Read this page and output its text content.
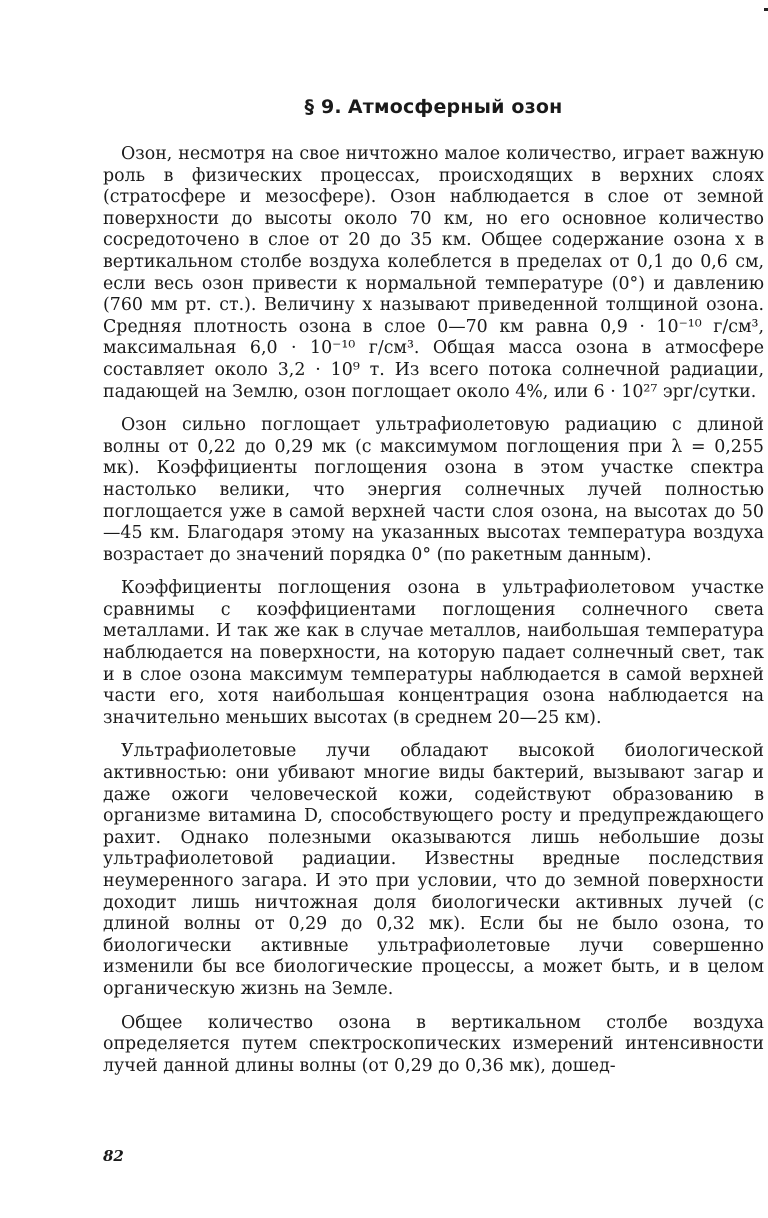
§ 9. Атмосферный озон

Озон, несмотря на свое ничтожно малое количество, играет важную роль в физических процессах, происходящих в верхних слоях (стратосфере и мезосфере). Озон наблюдается в слое от земной поверхности до высоты около 70 км, но его основное количество сосредоточено в слое от 20 до 35 км. Общее содержание озона x в вертикальном столбе воздуха колеблется в пределах от 0,1 до 0,6 см, если весь озон привести к нормальной температуре (0°) и давлению (760 мм рт. ст.). Величину x называют приведенной толщиной озона. Средняя плотность озона в слое 0—70 км равна 0,9 · 10⁻¹⁰ г/см³, максимальная 6,0 · 10⁻¹⁰ г/см³. Общая масса озона в атмосфере составляет около 3,2 · 10⁹ т. Из всего потока солнечной радиации, падающей на Землю, озон поглощает около 4%, или 6 · 10²⁷ эрг/сутки.

Озон сильно поглощает ультрафиолетовую радиацию с длиной волны от 0,22 до 0,29 мк (с максимумом поглощения при λ = 0,255 мк). Коэффициенты поглощения озона в этом участке спектра настолько велики, что энергия солнечных лучей полностью поглощается уже в самой верхней части слоя озона, на высотах до 50—45 км. Благодаря этому на указанных высотах температура воздуха возрастает до значений порядка 0° (по ракетным данным).

Коэффициенты поглощения озона в ультрафиолетовом участке сравнимы с коэффициентами поглощения солнечного света металлами. И так же как в случае металлов, наибольшая температура наблюдается на поверхности, на которую падает солнечный свет, так и в слое озона максимум температуры наблюдается в самой верхней части его, хотя наибольшая концентрация озона наблюдается на значительно меньших высотах (в среднем 20—25 км).

Ультрафиолетовые лучи обладают высокой биологической активностью: они убивают многие виды бактерий, вызывают загар и даже ожоги человеческой кожи, содействуют образованию в организме витамина D, способствующего росту и предупреждающего рахит. Однако полезными оказываются лишь небольшие дозы ультрафиолетовой радиации. Известны вредные последствия неумеренного загара. И это при условии, что до земной поверхности доходит лишь ничтожная доля биологически активных лучей (с длиной волны от 0,29 до 0,32 мк). Если бы не было озона, то биологически активные ультрафиолетовые лучи совершенно изменили бы все биологические процессы, а может быть, и в целом органическую жизнь на Земле.

Общее количество озона в вертикальном столбе воздуха определяется путем спектроскопических измерений интенсивности лучей данной длины волны (от 0,29 до 0,36 мк), дошед-

82
